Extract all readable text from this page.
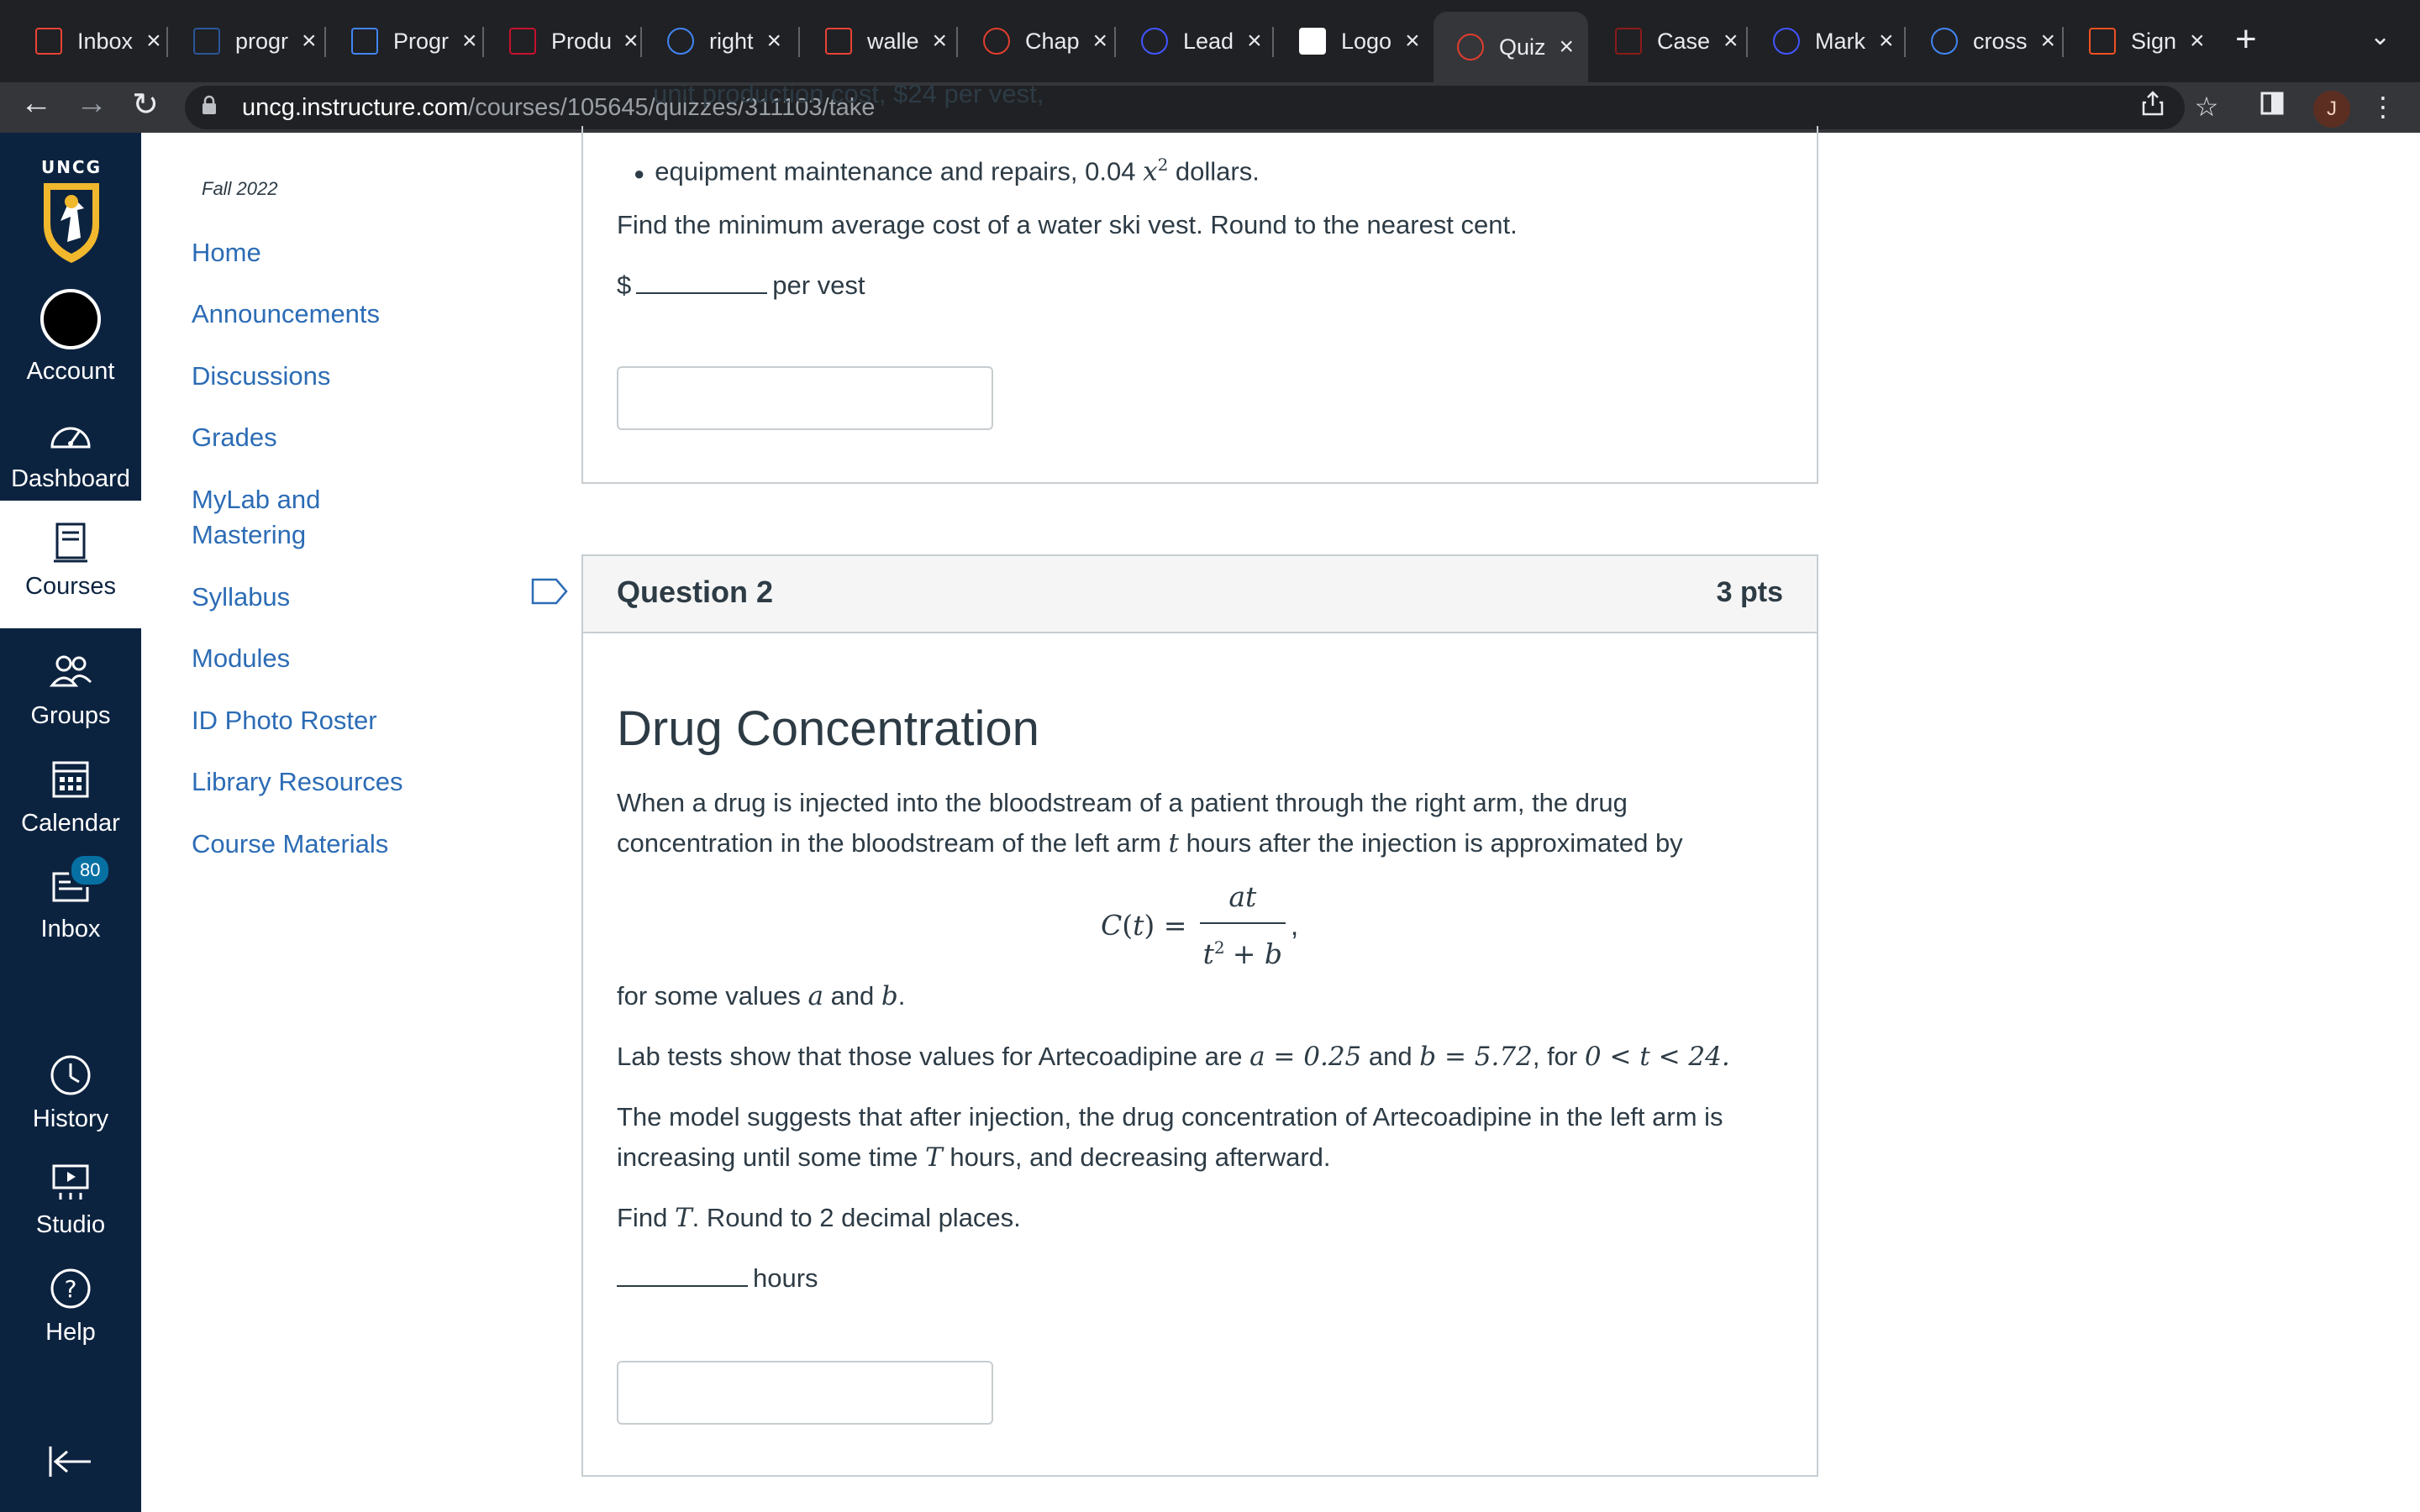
Inbox ×	progr ×	Progr ×	Produ ×	right ×	walle ×	Chap ×	Lead ×	Logo ×	Quiz ×	Case ×	Mark ×	cross ×	Sign × +	⌄
← → ↻	uncg.instructure.com /courses/105645/quizzes/311103/take	☆	J	⋮
UNCG
Account
Dashboard
Courses
Groups
Calendar
80
Inbox
History
Studio
?
Help
Fall 2022
Home
Announcements
Discussions
Grades
MyLab and Mastering
Syllabus
Modules
ID Photo Roster
Library Resources
Course Materials
unit production cost, $24 per vest,
● equipment maintenance and repairs, 0.04 $x^2$ dollars.
Find the minimum average cost of a water ski vest. Round to the nearest cent.
$	per vest
Question 2	3 pts
Drug Concentration
When a drug is injected into the bloodstream of a patient through the right arm, the drug
concentration in the bloodstream of the left arm t hours after the injection is approximated by
$C(t) = \frac{at}{t^2 + b}$ ,
for some values a and b.
Lab tests show that those values for Artecoadipine are a = 0.25 and b = 5.72, for 0 < t < 24.
The model suggests that after injection, the drug concentration of Artecoadipine in the left arm is
increasing until some time T hours, and decreasing afterward.
Find T. Round to 2 decimal places.
hours
